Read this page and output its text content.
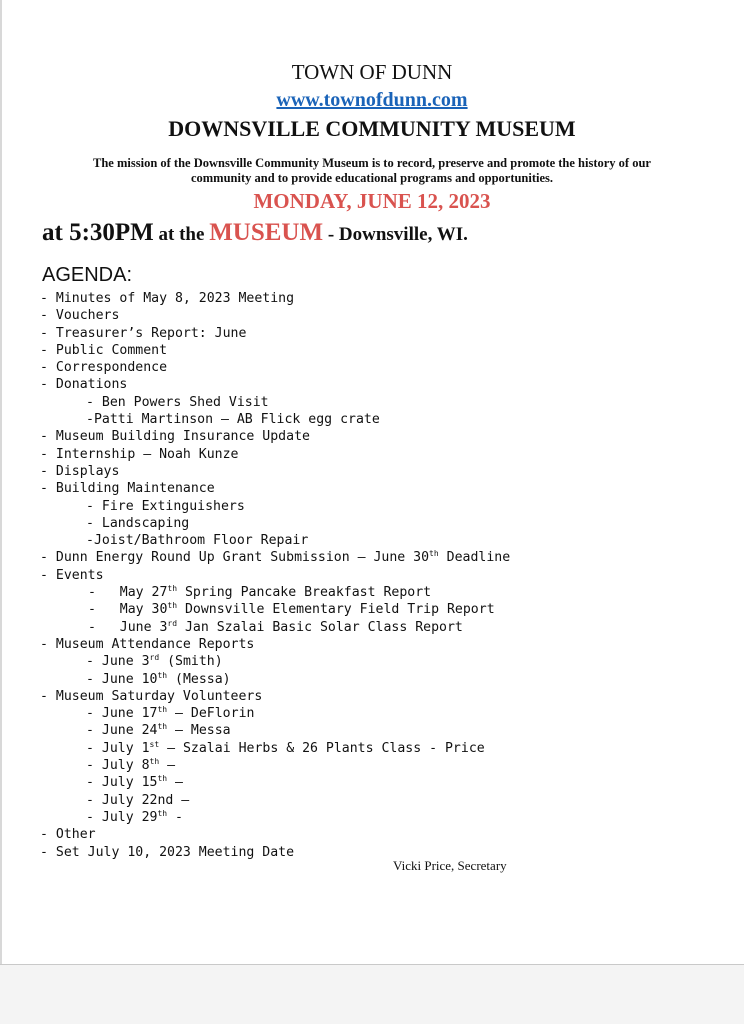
TOWN OF DUNN
www.townofdunn.com
DOWNSVILLE COMMUNITY MUSEUM
The mission of the Downsville Community Museum is to record, preserve and promote the history of our community and to provide educational programs and opportunities.
MONDAY, JUNE 12, 2023
at 5:30PM at the MUSEUM - Downsville, WI.
AGENDA:
- Minutes of May 8, 2023 Meeting
- Vouchers
- Treasurer’s Report: June
- Public Comment
- Correspondence
- Donations
- Ben Powers Shed Visit
-Patti Martinson – AB Flick egg crate
- Museum Building Insurance Update
- Internship – Noah Kunze
- Displays
- Building Maintenance
- Fire Extinguishers
- Landscaping
-Joist/Bathroom Floor Repair
- Dunn Energy Round Up Grant Submission – June 30th Deadline
- Events
-   May 27th Spring Pancake Breakfast Report
-   May 30th Downsville Elementary Field Trip Report
-   June 3rd Jan Szalai Basic Solar Class Report
- Museum Attendance Reports
- June 3rd (Smith)
- June 10th (Messa)
- Museum Saturday Volunteers
- June 17th – DeFlorin
- June 24th – Messa
- July 1st – Szalai Herbs & 26 Plants Class - Price
- July 8th –
- July 15th –
- July 22nd –
- July 29th -
- Other
- Set July 10, 2023 Meeting Date
Vicki Price, Secretary
